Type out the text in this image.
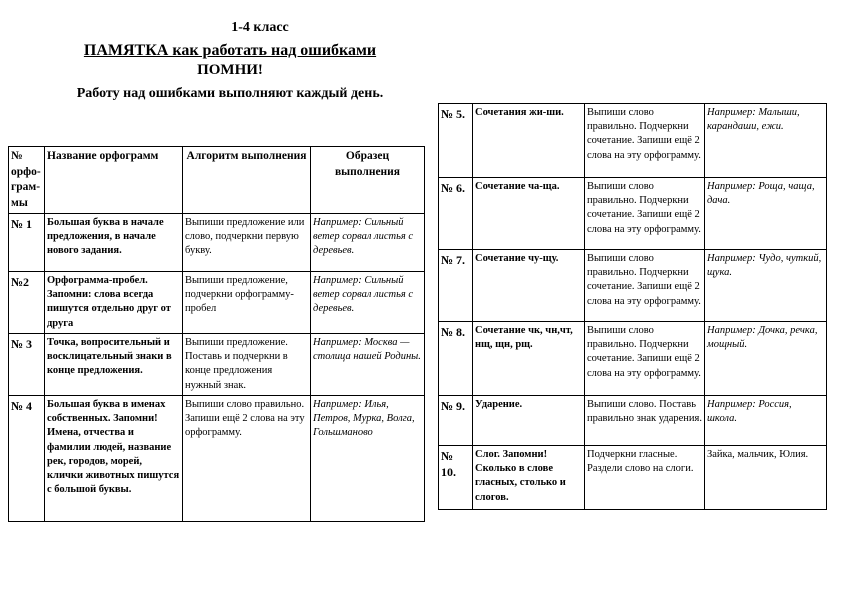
1-4 класс
ПАМЯТКА как работать над ошибками
ПОМНИ!
Работу над ошибками выполняют каждый день.
№ орфо-грам-мы	Название орфограмм	Алгоритм выполнения	Образец выполнения
№ 1	Большая буква в начале предложения, в начале нового задания.	Выпиши предложение или слово, подчеркни первую букву.	Например: Сильный ветер сорвал листья с деревьев.
№2	Орфограмма-пробел. Запомни: слова всегда пишутся отдельно друг от друга	Выпиши предложение, подчеркни орфограмму-пробел	Например: Сильный ветер сорвал листья с деревьев.
№ 3	Точка, вопросительный и восклицательный знаки в конце предложения.	Выпиши предложение. Поставь и подчеркни в конце предложения нужный знак.	Например: Москва — столица нашей Родины.
№ 4	Большая буква в именах собственных. Запомни! Имена, отчества и фамилии людей, название рек, городов, морей, клички животных пишутся с большой буквы.	Выпиши слово правильно. Запиши ещё 2 слова на эту орфограмму.	Например: Илья, Петров, Мурка, Волга, Гольшманово
№ 5.	Сочетания жи-ши.	Выпиши слово правильно. Подчеркни сочетание. Запиши ещё 2 слова на эту орфограмму.	Например: Малыши, карандаши, ежи.
№ 6.	Сочетание ча-ща.	Выпиши слово правильно. Подчеркни сочетание. Запиши ещё 2 слова на эту орфограмму.	Например: Роща, чаща, дача.
№ 7.	Сочетание чу-щу.	Выпиши слово правильно. Подчеркни сочетание. Запиши ещё 2 слова на эту орфограмму.	Например: Чудо, чуткий, щука.
№ 8.	Сочетание чк, чн,чт, нщ, щн, рщ.	Выпиши слово правильно. Подчеркни сочетание. Запиши ещё 2 слова на эту орфограмму.	Например: Дочка, речка, мощный.
№ 9.	Ударение.	Выпиши слово. Поставь правильно знак ударения.	Например: Россия, школа.
№ 10.	Слог. Запомни! Сколько в слове гласных, столько и слогов.	Подчеркни гласные. Раздели слово на слоги.	Зайка, мальчик, Юлия.
